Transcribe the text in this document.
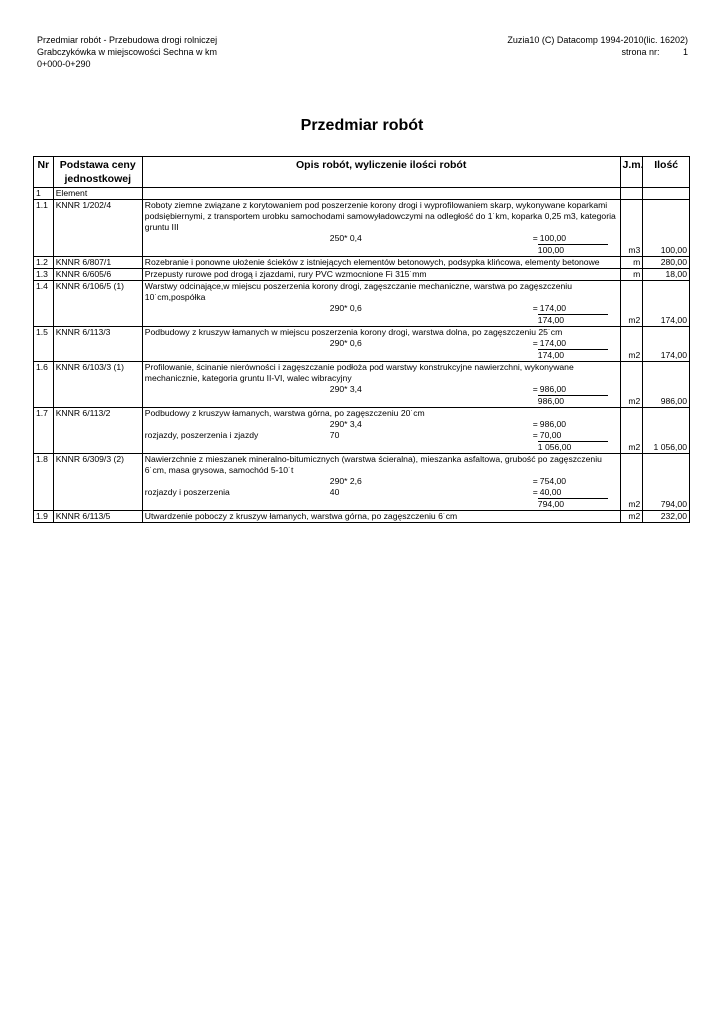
Przedmiar robót - Przebudowa drogi rolniczej
Grabczykówka w miejscowości Sechna w km
0+000-0+290
Zuzia10 (C) Datacomp 1994-2010(lic. 16202)
strona nr:	1
Przedmiar robót
Nr	Podstawa ceny jednostkowej	Opis robót, wyliczenie ilości robót	J.m.	Ilość
1	Element			
1.1	KNNR 1/202/4	Roboty ziemne związane z korytowaniem pod poszerzenie korony drogi i wyprofilowaniem skarp, wykonywane koparkami podsiębiernymi, z transportem urobku samochodami samowyładowczymi na odległość do 1˙km, koparka 0,25 m3, kategoria gruntu III	m3	100,00

		250* 0,4 = 100,00		

		100,00		

1.2	KNNR 6/807/1	Rozebranie i ponowne ułożenie ścieków z istniejących elementów betonowych, podsypka klińcowa, elementy betonowe	m	280,00
1.3	KNNR 6/605/6	Przepusty rurowe pod drogą i zjazdami, rury PVC wzmocnione Fi 315˙mm	m	18,00
1.4	KNNR 6/106/5 (1)	Warstwy odcinające,w miejscu poszerzenia korony drogi, zagęszczanie mechaniczne, warstwa po zagęszczeniu 10˙cm,pospółka	m2	174,00

		290* 0,6 = 174,00		

		174,00		

1.5	KNNR 6/113/3	Podbudowy z kruszyw łamanych w miejscu poszerzenia korony drogi, warstwa dolna, po zagęszczeniu 25˙cm	m2	174,00

		290* 0,6 = 174,00		

		174,00		

1.6	KNNR 6/103/3 (1)	Profilowanie, ścinanie nierówności i zagęszczanie podłoża pod warstwy konstrukcyjne nawierzchni, wykonywane mechanicznie, kategoria gruntu II-VI, walec wibracyjny	m2	986,00

		290* 3,4 = 986,00		

		986,00		

1.7	KNNR 6/113/2	Podbudowy z kruszyw łamanych, warstwa górna, po zagęszczeniu 20˙cm	m2	1 056,00

		290* 3,4 = 986,00		

		rozjazdy, poszerzenia i zjazdy 70 = 70,00		

		1 056,00		

1.8	KNNR 6/309/3 (2)	Nawierzchnie z mieszanek mineralno-bitumicznych (warstwa ścieralna), mieszanka asfaltowa, grubość po zagęszczeniu 6˙cm, masa grysowa, samochód 5-10˙t	m2	794,00

		290* 2,6 = 754,00		

		rozjazdy i poszerzenia 40 = 40,00		

		794,00		

1.9	KNNR 6/113/5	Utwardzenie poboczy z kruszyw łamanych, warstwa górna, po zagęszczeniu 6˙cm	m2	232,00
